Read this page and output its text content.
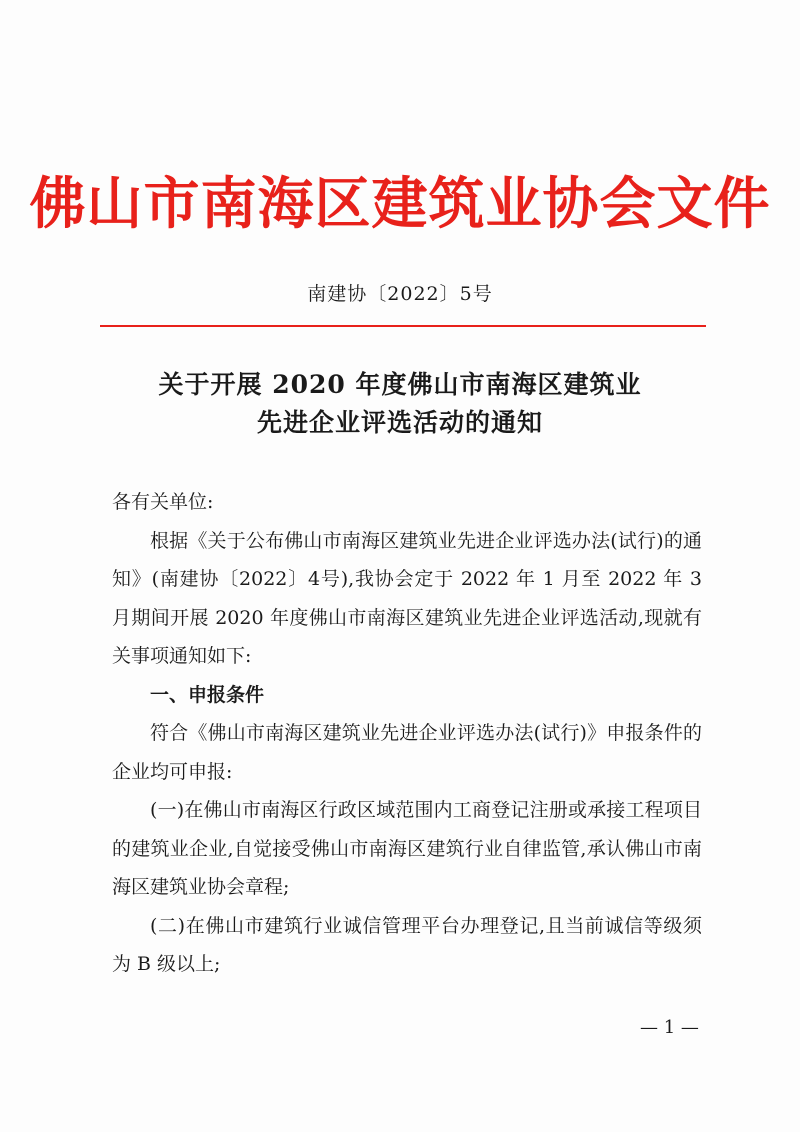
佛山市南海区建筑业协会文件
南建协〔2022〕5号
关于开展 2020 年度佛山市南海区建筑业
先进企业评选活动的通知

各有关单位:

根据《关于公布佛山市南海区建筑业先进企业评选办法(试行)的通知》(南建协〔2022〕4号),我协会定于 2022 年 1 月至 2022 年 3 月期间开展 2020 年度佛山市南海区建筑业先进企业评选活动,现就有关事项通知如下:

一、申报条件

符合《佛山市南海区建筑业先进企业评选办法(试行)》申报条件的企业均可申报:

(一)在佛山市南海区行政区域范围内工商登记注册或承接工程项目的建筑业企业,自觉接受佛山市南海区建筑行业自律监管,承认佛山市南海区建筑业协会章程;

(二)在佛山市建筑行业诚信管理平台办理登记,且当前诚信等级须为 B 级以上;

— 1 —
